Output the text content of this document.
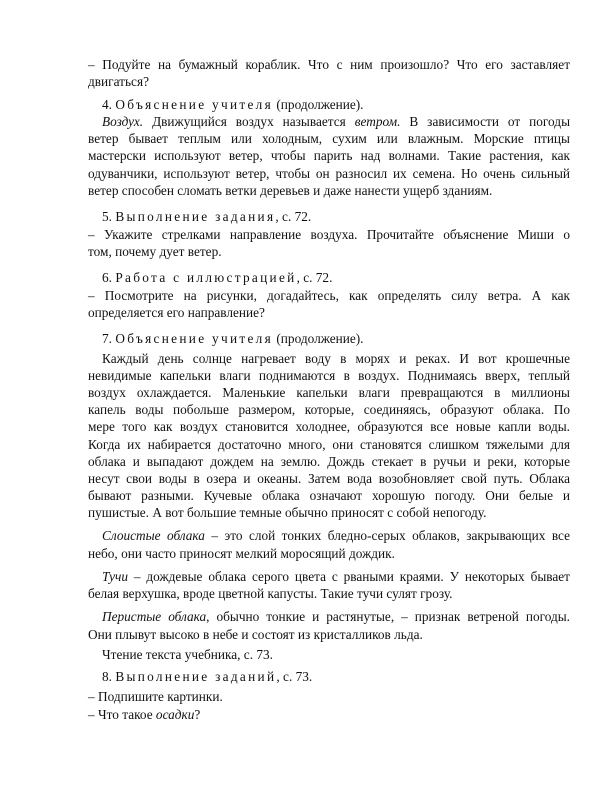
– Подуйте на бумажный кораблик. Что с ним произошло? Что его заставляет

двигаться?

4. Объяснение учителя (продолжение).

Воздух. Движущийся воздух называется ветром. В зависимости от погоды

ветер бывает теплым или холодным, сухим или влажным. Морские птицы

мастерски используют ветер, чтобы парить над волнами. Такие растения, как

одуванчики, используют ветер, чтобы он разносил их семена. Но очень сильный

ветер способен сломать ветки деревьев и даже нанести ущерб зданиям.

5. Выполнение задания, с. 72.

– Укажите стрелками направление воздуха. Прочитайте объяснение Миши о

том, почему дует ветер.

6. Работа с иллюстрацией, с. 72.

– Посмотрите на рисунки, догадайтесь, как определять силу ветра. А как

определяется его направление?

7. Объяснение учителя (продолжение).

Каждый день солнце нагревает воду в морях и реках. И вот крошечные

невидимые капельки влаги поднимаются в воздух. Поднимаясь вверх, теплый

воздух охлаждается. Маленькие капельки влаги превращаются в миллионы

капель воды побольше размером, которые, соединяясь, образуют облака. По

мере того как воздух становится холоднее, образуются все новые капли воды.

Когда их набирается достаточно много, они становятся слишком тяжелыми для

облака и выпадают дождем на землю. Дождь стекает в ручьи и реки, которые

несут свои воды в озера и океаны. Затем вода возобновляет свой путь. Облака

бывают разными. Кучевые облака означают хорошую погоду. Они белые и

пушистые. А вот большие темные обычно приносят с собой непогоду.

Слоистые облака – это слой тонких бледно-серых облаков, закрывающих все

небо, они часто приносят мелкий моросящий дождик.

Тучи – дождевые облака серого цвета с рваными краями. У некоторых бывает

белая верхушка, вроде цветной капусты. Такие тучи сулят грозу.

Перистые облака, обычно тонкие и растянутые, – признак ветреной погоды.

Они плывут высоко в небе и состоят из кристалликов льда.

Чтение текста учебника, с. 73.

8. Выполнение заданий, с. 73.

– Подпишите картинки.

– Что такое осадки?
